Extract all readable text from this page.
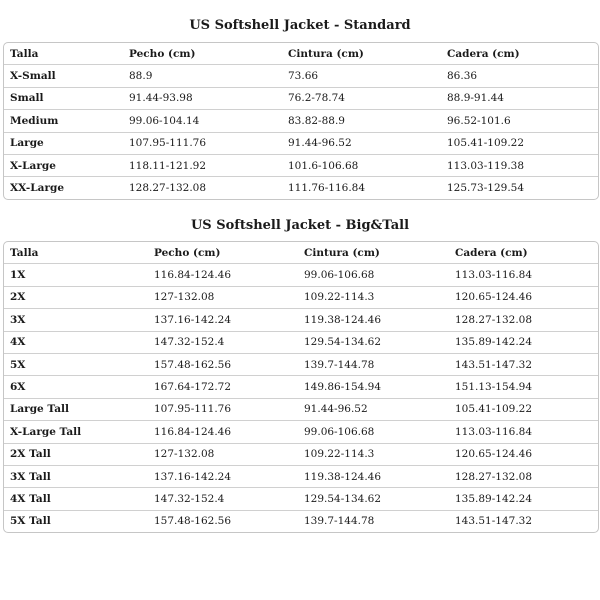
US Softshell Jacket - Standard
Talla	Pecho (cm)	Cintura (cm)	Cadera (cm)
X-Small	88.9	73.66	86.36
Small	91.44-93.98	76.2-78.74	88.9-91.44
Medium	99.06-104.14	83.82-88.9	96.52-101.6
Large	107.95-111.76	91.44-96.52	105.41-109.22
X-Large	118.11-121.92	101.6-106.68	113.03-119.38
XX-Large	128.27-132.08	111.76-116.84	125.73-129.54
US Softshell Jacket - Big&Tall
Talla	Pecho (cm)	Cintura (cm)	Cadera (cm)
1X	116.84-124.46	99.06-106.68	113.03-116.84
2X	127-132.08	109.22-114.3	120.65-124.46
3X	137.16-142.24	119.38-124.46	128.27-132.08
4X	147.32-152.4	129.54-134.62	135.89-142.24
5X	157.48-162.56	139.7-144.78	143.51-147.32
6X	167.64-172.72	149.86-154.94	151.13-154.94
Large Tall	107.95-111.76	91.44-96.52	105.41-109.22
X-Large Tall	116.84-124.46	99.06-106.68	113.03-116.84
2X Tall	127-132.08	109.22-114.3	120.65-124.46
3X Tall	137.16-142.24	119.38-124.46	128.27-132.08
4X Tall	147.32-152.4	129.54-134.62	135.89-142.24
5X Tall	157.48-162.56	139.7-144.78	143.51-147.32
